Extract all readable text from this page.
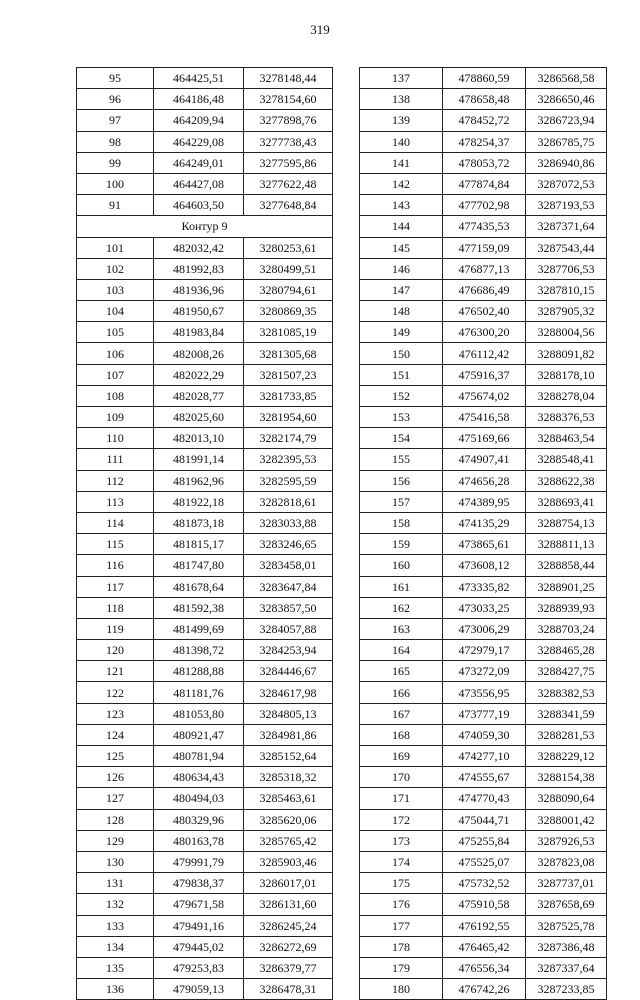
319
95	464425,51	3278148,44
96	464186,48	3278154,60
97	464209,94	3277898,76
98	464229,08	3277738,43
99	464249,01	3277595,86
100	464427,08	3277622,48
91	464603,50	3277648,84
Контур 9		
101	482032,42	3280253,61
102	481992,83	3280499,51
103	481936,96	3280794,61
104	481950,67	3280869,35
105	481983,84	3281085,19
106	482008,26	3281305,68
107	482022,29	3281507,23
108	482028,77	3281733,85
109	482025,60	3281954,60
110	482013,10	3282174,79
111	481991,14	3282395,53
112	481962,96	3282595,59
113	481922,18	3282818,61
114	481873,18	3283033,88
115	481815,17	3283246,65
116	481747,80	3283458,01
117	481678,64	3283647,84
118	481592,38	3283857,50
119	481499,69	3284057,88
120	481398,72	3284253,94
121	481288,88	3284446,67
122	481181,76	3284617,98
123	481053,80	3284805,13
124	480921,47	3284981,86
125	480781,94	3285152,64
126	480634,43	3285318,32
127	480494,03	3285463,61
128	480329,96	3285620,06
129	480163,78	3285765,42
130	479991,79	3285903,46
131	479838,37	3286017,01
132	479671,58	3286131,60
133	479491,16	3286245,24
134	479445,02	3286272,69
135	479253,83	3286379,77
136	479059,13	3286478,31
137	478860,59	3286568,58
138	478658,48	3286650,46
139	478452,72	3286723,94
140	478254,37	3286785,75
141	478053,72	3286940,86
142	477874,84	3287072,53
143	477702,98	3287193,53
144	477435,53	3287371,64
145	477159,09	3287543,44
146	476877,13	3287706,53
147	476686,49	3287810,15
148	476502,40	3287905,32
149	476300,20	3288004,56
150	476112,42	3288091,82
151	475916,37	3288178,10
152	475674,02	3288278,04
153	475416,58	3288376,53
154	475169,66	3288463,54
155	474907,41	3288548,41
156	474656,28	3288622,38
157	474389,95	3288693,41
158	474135,29	3288754,13
159	473865,61	3288811,13
160	473608,12	3288858,44
161	473335,82	3288901,25
162	473033,25	3288939,93
163	473006,29	3288703,24
164	472979,17	3288465,28
165	473272,09	3288427,75
166	473556,95	3288382,53
167	473777,19	3288341,59
168	474059,30	3288281,53
169	474277,10	3288229,12
170	474555,67	3288154,38
171	474770,43	3288090,64
172	475044,71	3288001,42
173	475255,84	3287926,53
174	475525,07	3287823,08
175	475732,52	3287737,01
176	475910,58	3287658,69
177	476192,55	3287525,78
178	476465,42	3287386,48
179	476556,34	3287337,64
180	476742,26	3287233,85
